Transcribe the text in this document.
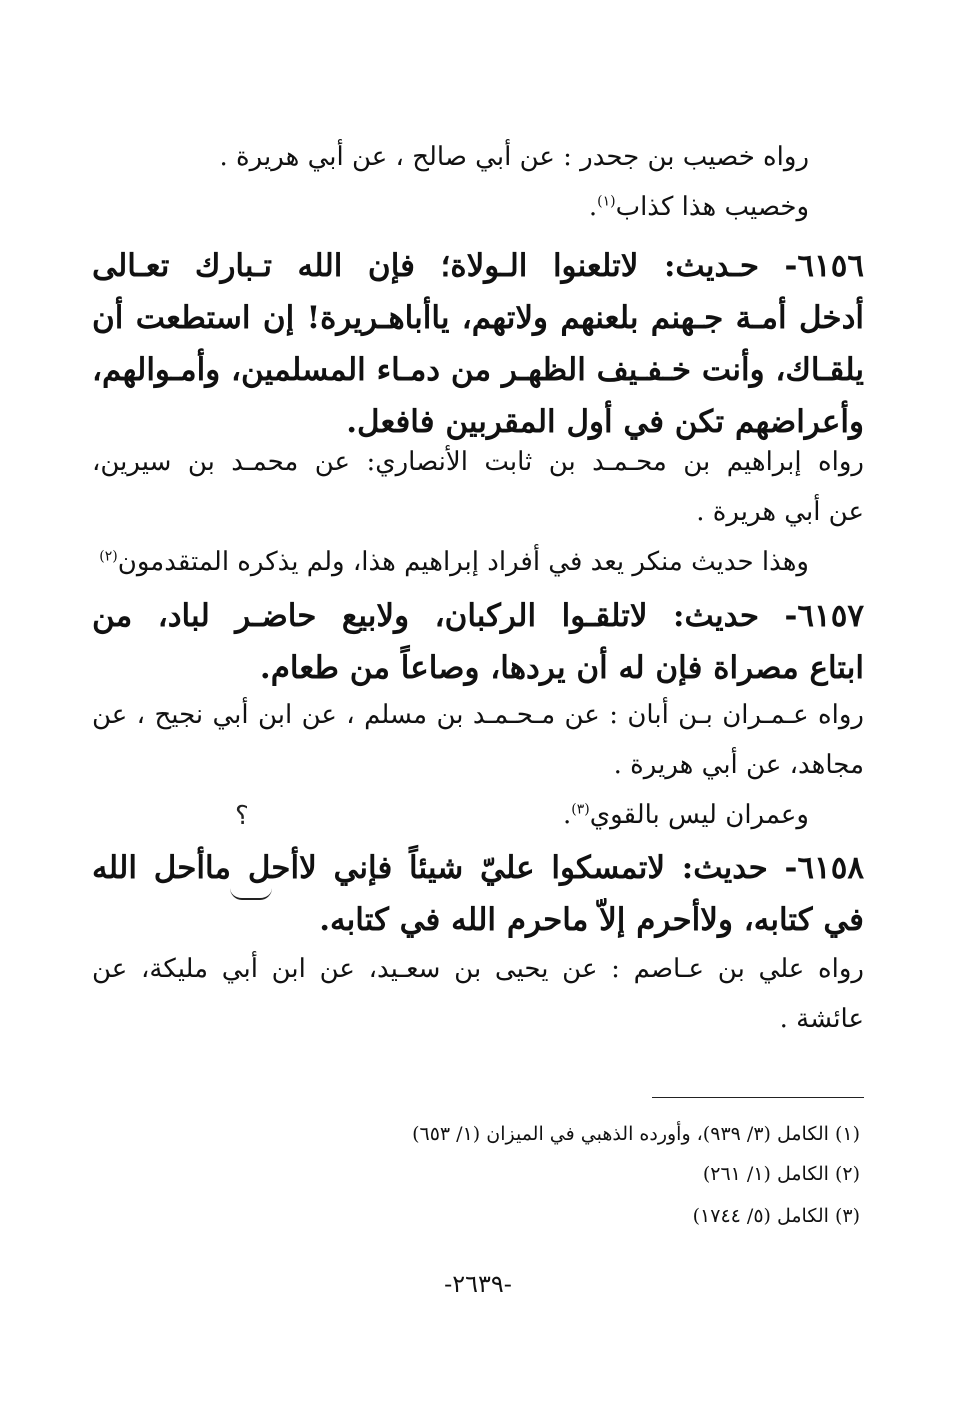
رواه خصيب بن جحدر : عن أبي صالح ، عن أبي هريرة .
وخصيب هذا كذاب$^{(١)}$.
٦١٥٦- حـديث: لاتلعنوا الـولاة؛ فإن الله تـبارك تعـالى
أدخل أمـة جـهنم بلعنهم ولاتهم، ياأباهـريرة! إن استطعت أن
يلقـاك، وأنت خـفـيف الظهـر من دمـاء المسلمين، وأمـوالهم،
وأعراضهم تكن في أول المقربين فافعل.
رواه إبراهيم بن محـمـد بن ثابت الأنصاري: عن محمـد بن سيرين،
عن أبي هريرة .
وهذا حديث منكر يعد في أفراد إبراهيم هذا، ولم يذكره المتقدمون$^{(٢)}$
٦١٥٧- حديث: لاتلقـوا الركبان، ولابيع حاضـر لباد، من
ابتاع مصراة فإن له أن يردها، وصاعاً من طعام.
رواه عـمـران بـن أبان : عن مـحـمـد بن مسلم ، عن ابن أبي نجيح ، عن
مجاهد، عن أبي هريرة .
وعمران ليس بالقوي$^{(٣)}$.
؟
٦١٥٨- حديث: لاتمسكوا عليّ شيئاً فإني لاأحل ماأحل الله
في كتابه، ولاأحرم إلاّ ماحرم الله في كتابه.
رواه علي بن عـاصم : عن يحيى بن سعـيد، عن ابن أبي مليكة، عن
عائشة .
(١) الكامل (٣/ ٩٣٩)، وأورده الذهبي في الميزان (١/ ٦٥٣)
(٢) الكامل (١/ ٢٦١)
(٣) الكامل (٥/ ١٧٤٤)
-٢٦٣٩-
